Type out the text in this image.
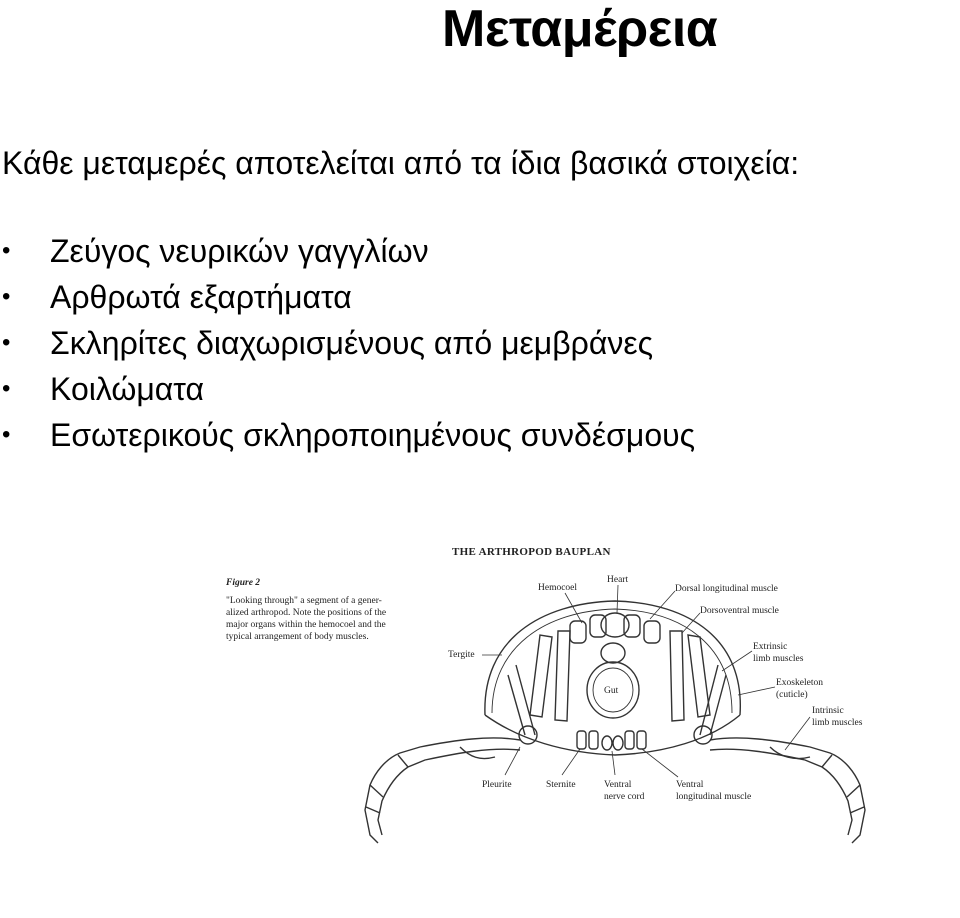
Μεταμέρεια
Κάθε μεταμερές αποτελείται από τα ίδια βασικά στοιχεία:
•	Ζεύγος νευρικών γαγγλίων
•	Αρθρωτά εξαρτήματα
•	Σκληρίτες διαχωρισμένους από μεμβράνες
•	Κοιλώματα
•	Εσωτερικούς σκληροποιημένους συνδέσμους
THE ARTHROPOD BAUPLAN
Figure 2
"Looking through" a segment of a gener-
alized arthropod. Note the positions of the
major organs within the hemocoel and the
typical arrangement of body muscles.
Hemocoel
Heart
Dorsal longitudinal muscle
Dorsoventral muscle
Tergite
Extrinsic
limb muscles
Exoskeleton
(cuticle)
Intrinsic
limb muscles
Gut
Pleurite	Sternite	Ventral
nerve cord
Ventral
longitudinal muscle
